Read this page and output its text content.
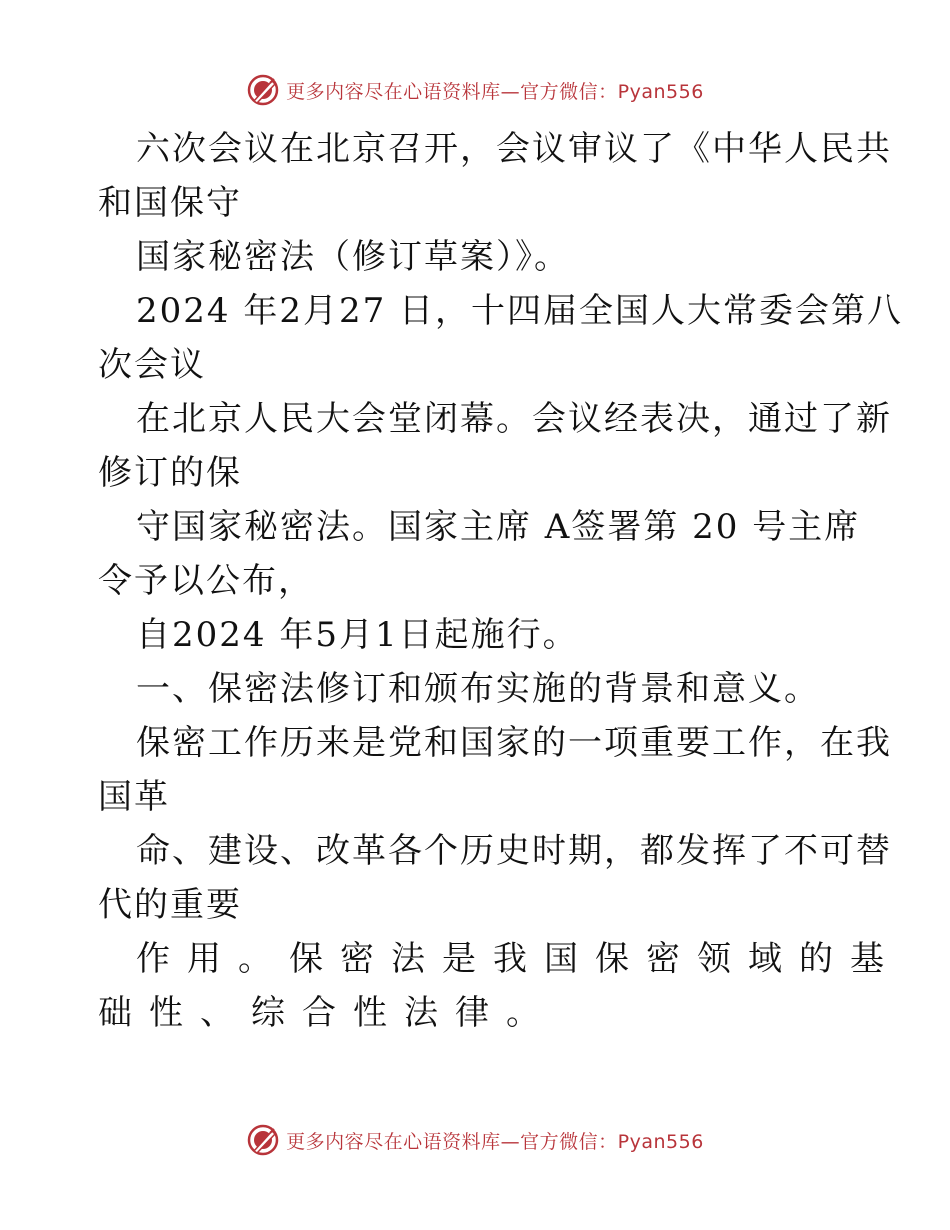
更多内容尽在心语资料库—官方微信：Pyan556
六次会议在北京召开，会议审议了《中华人民共
和国保守
国家秘密法（修订草案）》。
2024 年2月27 日，十四届全国人大常委会第八
次会议
在北京人民大会堂闭幕。会议经表决，通过了新
修订的保
守国家秘密法。国家主席 A签署第 20 号主席
令予以公布，
自2024 年5月1日起施行。
一、保密法修订和颁布实施的背景和意义。
保密工作历来是党和国家的一项重要工作，在我
国革
命、建设、改革各个历史时期，都发挥了不可替
代的重要
作用。保密法是我国保密领域的基
础性、综合性法律。
更多内容尽在心语资料库—官方微信：Pyan556
